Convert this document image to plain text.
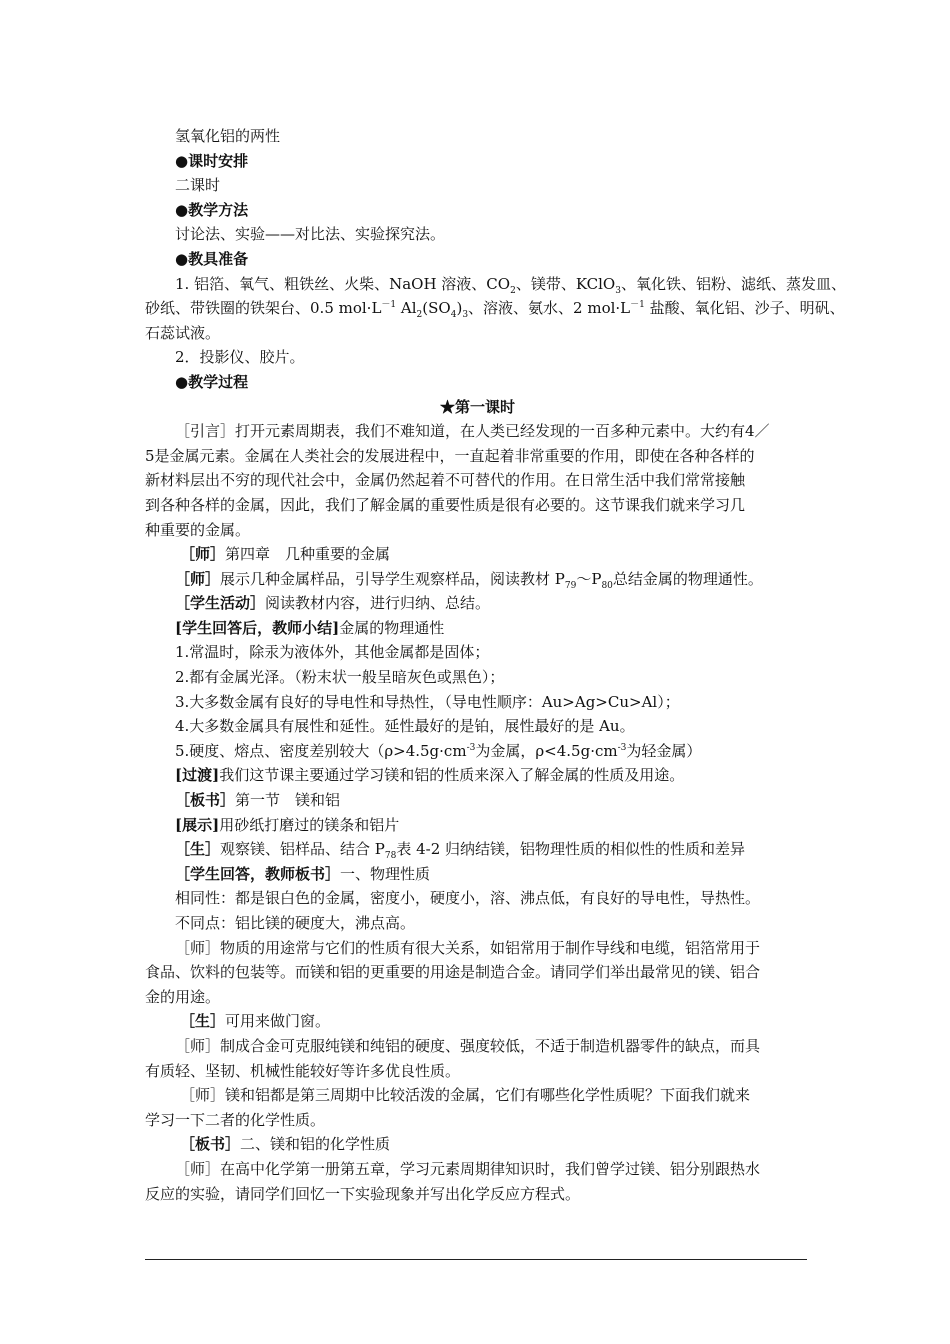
氢氧化铝的两性
●课时安排
二课时
●教学方法
讨论法、实验——对比法、实验探究法。
●教具准备
1. 铝箔、氧气、粗铁丝、火柴、NaOH 溶液、$CO_2$、镁带、KClO$_3$、氧化铁、铝粉、滤纸、蒸发皿、
砂纸、带铁圈的铁架台、0.5 $mol\cdot L^{-1}$ $Al_2(SO_4)_3$、溶液、氨水、2 $mol\cdot L^{-1}$ 盐酸、氧化铝、沙子、明矾、
石蕊试液。
2．投影仪、胶片。
●教学过程
★第一课时
［引言］打开元素周期表，我们不难知道，在人类已经发现的一百多种元素中。大约有4／
5是金属元素。金属在人类社会的发展进程中，一直起着非常重要的作用，即使在各种各样的
新材料层出不穷的现代社会中，金属仍然起着不可替代的作用。在日常生活中我们常常接触
到各种各样的金属，因此，我们了解金属的重要性质是很有必要的。这节课我们就来学习几
种重要的金属。
［师］第四章　几种重要的金属
［师］展示几种金属样品，引导学生观察样品，阅读教材 $P_{79}\sim P_{80}$总结金属的物理通性。
［学生活动］阅读教材内容，进行归纳、总结。
[学生回答后，教师小结]金属的物理通性
1.常温时，除汞为液体外，其他金属都是固体；
2.都有金属光泽。（粉末状一般呈暗灰色或黑色）；
3.大多数金属有良好的导电性和导热性，（导电性顺序：Au>Ag>Cu>Al）；
4.大多数金属具有展性和延性。延性最好的是铂，展性最好的是 Au。
5.硬度、熔点、密度差别较大（$\rho>4.5g\cdot cm^{-3}$为金属，$\rho<4.5g\cdot cm^{-3}$为轻金属）
[过渡]我们这节课主要通过学习镁和铝的性质来深入了解金属的性质及用途。
［板书］第一节　镁和铝
[展示]用砂纸打磨过的镁条和铝片
［生］观察镁、铝样品、结合 $P_{78}$表 4-2 归纳结镁，铝物理性质的相似性的性质和差异
［学生回答，教师板书］一、物理性质
相同性：都是银白色的金属，密度小，硬度小，溶、沸点低，有良好的导电性，导热性。
不同点：铝比镁的硬度大，沸点高。
［师］物质的用途常与它们的性质有很大关系，如铝常用于制作导线和电缆，铝箔常用于
食品、饮料的包装等。而镁和铝的更重要的用途是制造合金。请同学们举出最常见的镁、铝合
金的用途。
［生］可用来做门窗。
［师］制成合金可克服纯镁和纯铝的硬度、强度较低，不适于制造机器零件的缺点，而具
有质轻、坚韧、机械性能较好等许多优良性质。
［师］镁和铝都是第三周期中比较活泼的金属，它们有哪些化学性质呢？下面我们就来
学习一下二者的化学性质。
［板书］二、镁和铝的化学性质
［师］在高中化学第一册第五章，学习元素周期律知识时，我们曾学过镁、铝分别跟热水
反应的实验，请同学们回忆一下实验现象并写出化学反应方程式。
